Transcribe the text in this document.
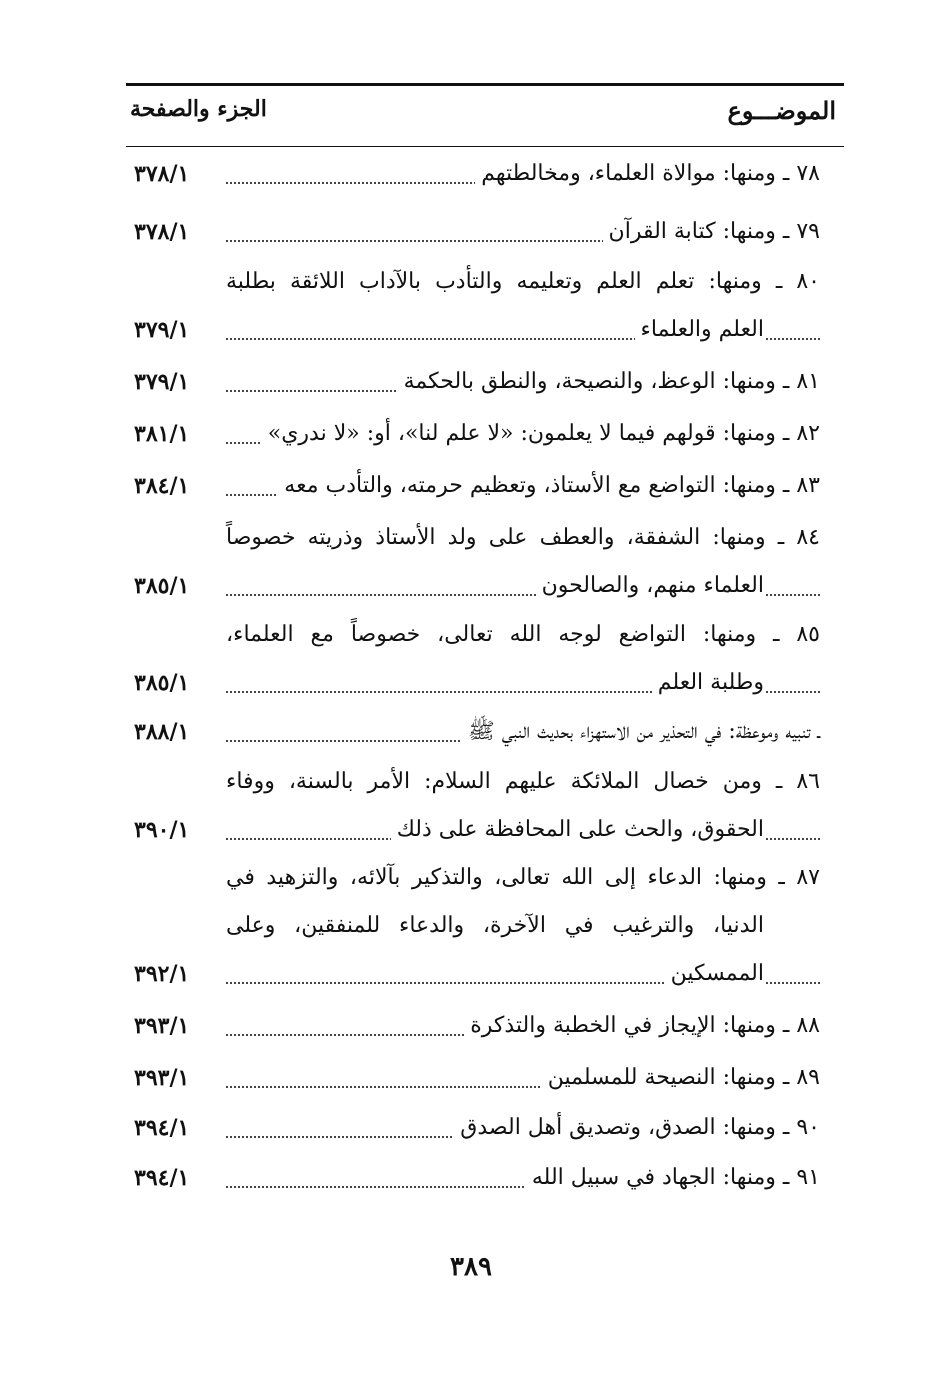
الموضـــوع
الجزء والصفحة
٧٨ ـ ومنها: موالاة العلماء، ومخالطتهم
٣٧٨/١
٧٩ ـ ومنها: كتابة القرآن
٣٧٨/١
٨٠ ـ ومنها: تعلم العلم وتعليمه والتأدب بالآداب اللائقة بطلبة
العلم والعلماء
٣٧٩/١
٨١ ـ ومنها: الوعظ، والنصيحة، والنطق بالحكمة
٣٧٩/١
٨٢ ـ ومنها: قولهم فيما لا يعلمون: «لا علم لنا»، أو: «لا ندري»
٣٨١/١
٨٣ ـ ومنها: التواضع مع الأستاذ، وتعظيم حرمته، والتأدب معه
٣٨٤/١
٨٤ ـ ومنها: الشفقة، والعطف على ولد الأستاذ وذريته خصوصاً
العلماء منهم، والصالحون
٣٨٥/١
٨٥ ـ ومنها: التواضع لوجه الله تعالى، خصوصاً مع العلماء،
وطلبة العلم
٣٨٥/١
ـ تنبيه وموعظة: في التحذير من الاستهزاء بحديث النبي ﷺ
٣٨٨/١
٨٦ ـ ومن خصال الملائكة عليهم السلام: الأمر بالسنة، ووفاء
الحقوق، والحث على المحافظة على ذلك
٣٩٠/١
٨٧ ـ ومنها: الدعاء إلى الله تعالى، والتذكير بآلائه، والتزهيد في
الدنيا، والترغيب في الآخرة، والدعاء للمنفقين، وعلى
الممسكين
٣٩٢/١
٨٨ ـ ومنها: الإيجاز في الخطبة والتذكرة
٣٩٣/١
٨٩ ـ ومنها: النصيحة للمسلمين
٣٩٣/١
٩٠ ـ ومنها: الصدق، وتصديق أهل الصدق
٣٩٤/١
٩١ ـ ومنها: الجهاد في سبيل الله
٣٩٤/١
٣٨٩
